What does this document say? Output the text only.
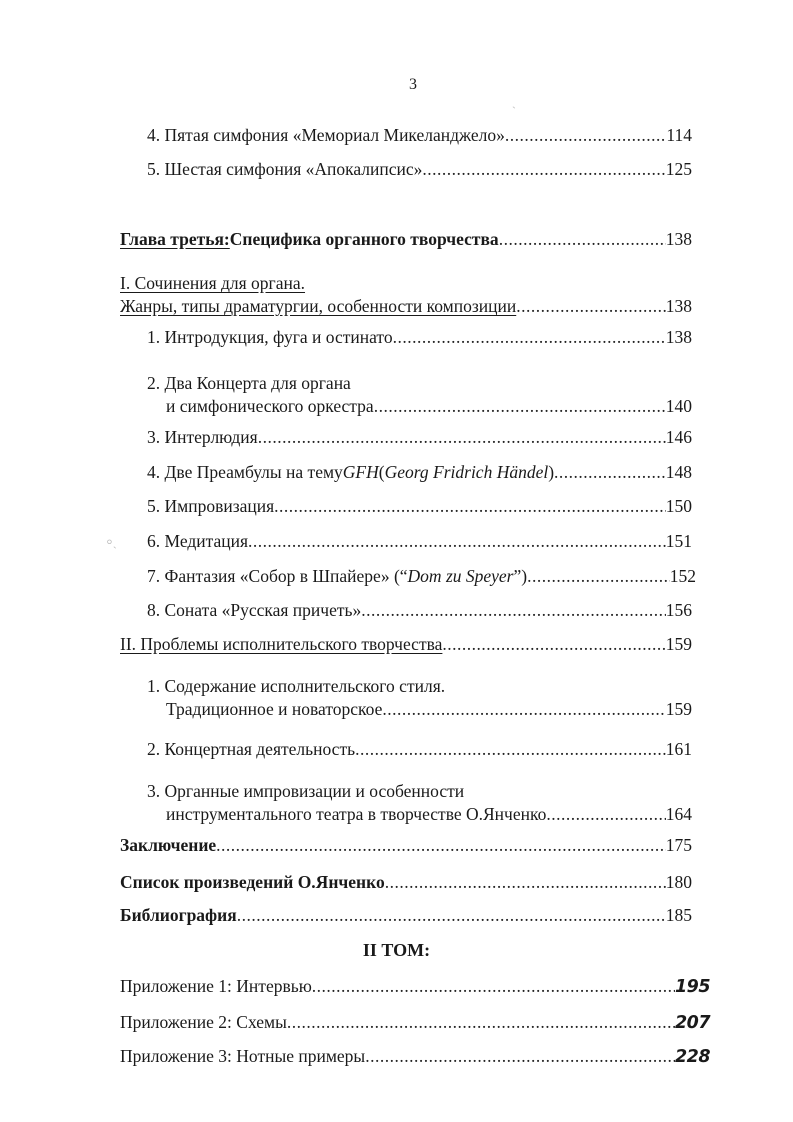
3
`
4. Пятая симфония «Мемориал Микеланджело» .....	114
5. Шестая симфония «Апокалипсис» .....	125
Глава третья: Специфика органного творчества .....	138
I. Сочинения для органа.
Жанры, типы драматургии, особенности композиции .....	138
1. Интродукция, фуга и остинато .....	138
2. Два Концерта для органа
и симфонического оркестра .....	140
3. Интерлюдия .....	146
4. Две Преамбулы на тему GFH ( Georg Fridrich Händel ) .....	148
5. Импровизация .....	150
⸰ˎ 6. Медитация .....	151
7. Фантазия «Собор в Шпайере» (“ Dom zu Speyer ”) .....	152
8. Соната «Русская причеть» .....	156
II. Проблемы исполнительского творчества .....	159
1. Содержание исполнительского стиля.
Традиционное и новаторское .....	159
2. Концертная деятельность .....	161
3. Органные импровизации и особенности
инструментального театра в творчестве О.Янченко .....	164
Заключение .....	175
Список произведений О.Янченко .....	180
Библиография .....	185
II ТОМ:
Приложение 1: Интервью .....	195
Приложение 2: Схемы .....	207
Приложение 3: Нотные примеры .....	228
